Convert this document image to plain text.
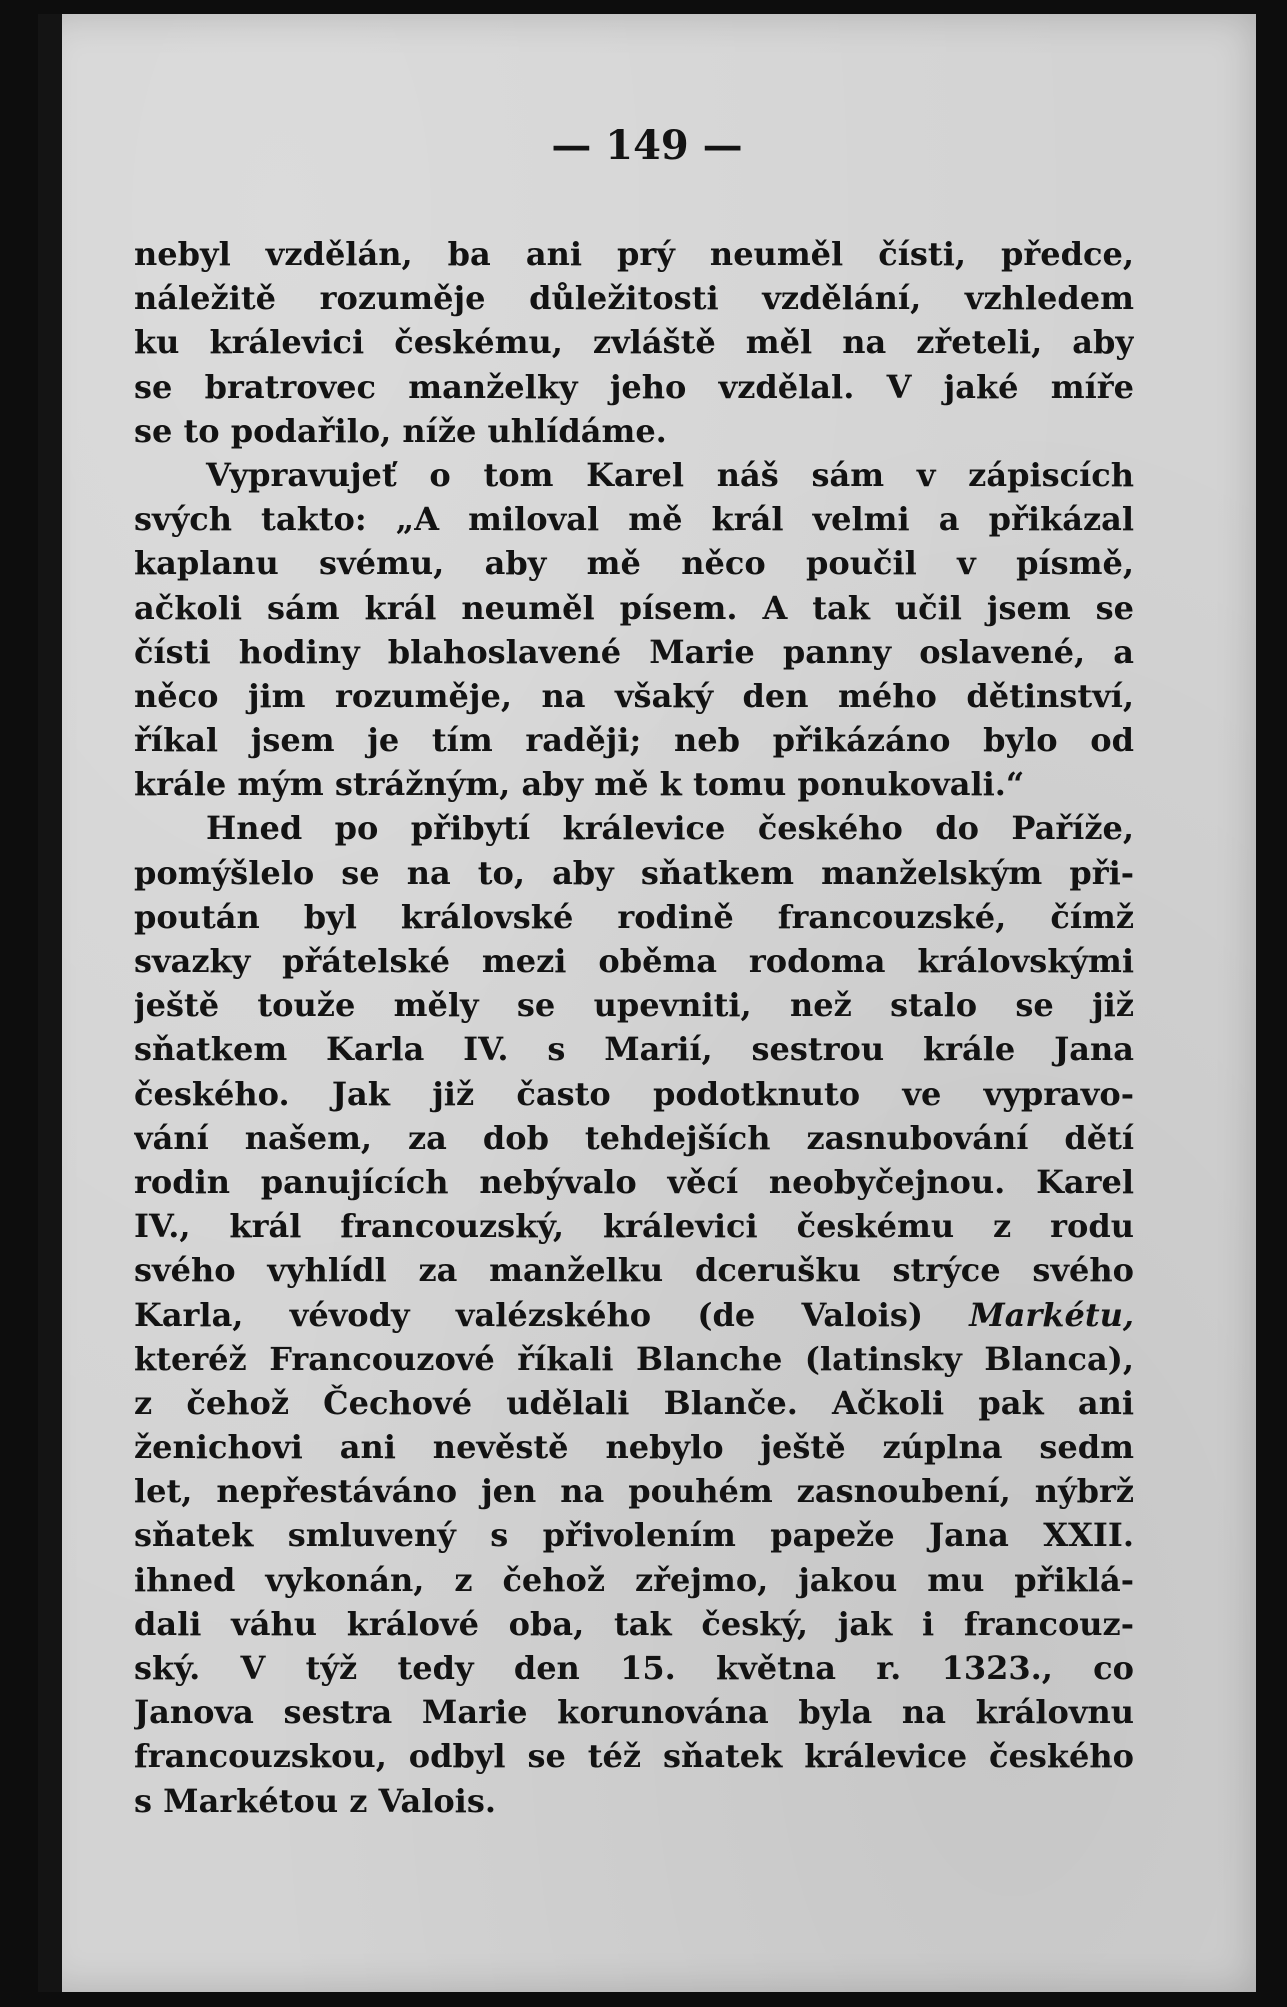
— 149 —
nebyl vzdělán, ba ani prý neuměl čísti, předce,
náležitě rozuměje důležitosti vzdělání, vzhledem
ku králevici českému, zvláště měl na zřeteli, aby
se bratrovec manželky jeho vzdělal. V jaké míře
se to podařilo, níže uhlídáme.
Vypravujeť o tom Karel náš sám v zápiscích
svých takto: „A miloval mě král velmi a přikázal
kaplanu svému, aby mě něco poučil v písmě,
ačkoli sám král neuměl písem. A tak učil jsem se
čísti hodiny blahoslavené Marie panny oslavené, a
něco jim rozuměje, na všaký den mého dětinství,
říkal jsem je tím raději; neb přikázáno bylo od
krále mým strážným, aby mě k tomu ponukovali.“
Hned po přibytí králevice českého do Paříže,
pomýšlelo se na to, aby sňatkem manželským při-
poután byl královské rodině francouzské, čímž
svazky přátelské mezi oběma rodoma královskými
ještě touže měly se upevniti, než stalo se již
sňatkem Karla IV. s Marií, sestrou krále Jana
českého. Jak již často podotknuto ve vypravo-
vání našem, za dob tehdejších zasnubování dětí
rodin panujících nebývalo věcí neobyčejnou. Karel
IV., král francouzský, králevici českému z rodu
svého vyhlídl za manželku dcerušku strýce svého
Karla, vévody valézského (de Valois) Markétu,
kteréž Francouzové říkali Blanche (latinsky Blanca),
z čehož Čechové udělali Blanče. Ačkoli pak ani
ženichovi ani nevěstě nebylo ještě zúplna sedm
let, nepřestáváno jen na pouhém zasnoubení, nýbrž
sňatek smluvený s přivolením papeže Jana XXII.
ihned vykonán, z čehož zřejmo, jakou mu přiklá-
dali váhu králové oba, tak český, jak i francouz-
ský. V týž tedy den 15. května r. 1323., co
Janova sestra Marie korunována byla na královnu
francouzskou, odbyl se též sňatek králevice českého
s Markétou z Valois.
